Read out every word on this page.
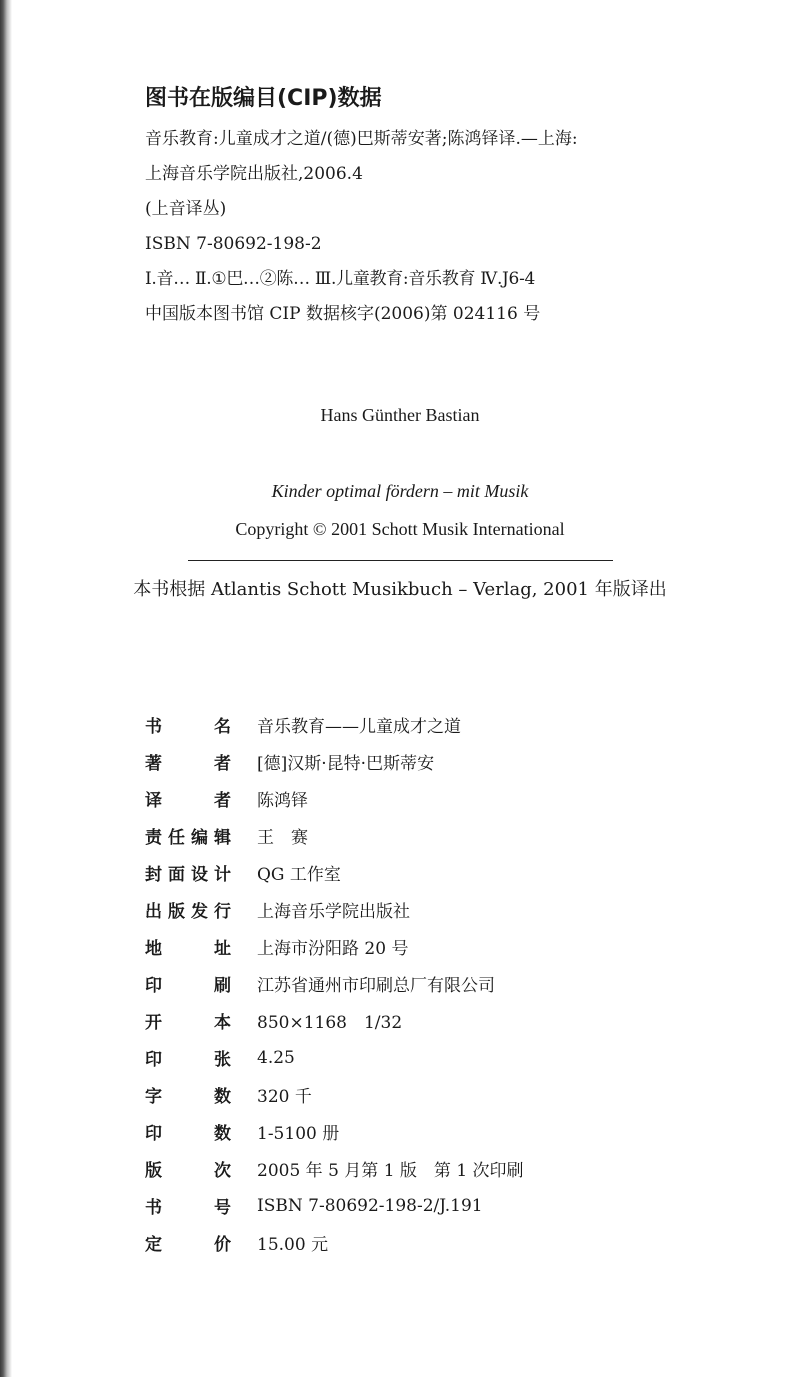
图书在版编目(CIP)数据
音乐教育:儿童成才之道/(德)巴斯蒂安著;陈鸿铎译.—上海:
上海音乐学院出版社,2006.4
(上音译丛)
ISBN 7-80692-198-2
Ⅰ.音… Ⅱ.①巴…②陈… Ⅲ.儿童教育:音乐教育 Ⅳ.J6-4
中国版本图书馆 CIP 数据核字(2006)第 024116 号
Hans Günther Bastian
Kinder optimal fördern – mit Musik
Copyright © 2001 Schott Musik International
本书根据 Atlantis Schott Musikbuch – Verlag, 2001 年版译出
书	名 音乐教育——儿童成才之道
著	者 [德]汉斯·昆特·巴斯蒂安
译	者 陈鸿铎
责 任 编 辑 王　赛
封 面 设 计 QG 工作室
出 版 发 行 上海音乐学院出版社
地	址 上海市汾阳路 20 号
印	刷 江苏省通州市印刷总厂有限公司
开	本 850×1168　1/32
印	张 4.25
字	数 320 千
印	数 1-5100 册
版	次 2005 年 5 月第 1 版　第 1 次印刷
书	号 ISBN 7-80692-198-2/J.191
定	价 15.00 元
